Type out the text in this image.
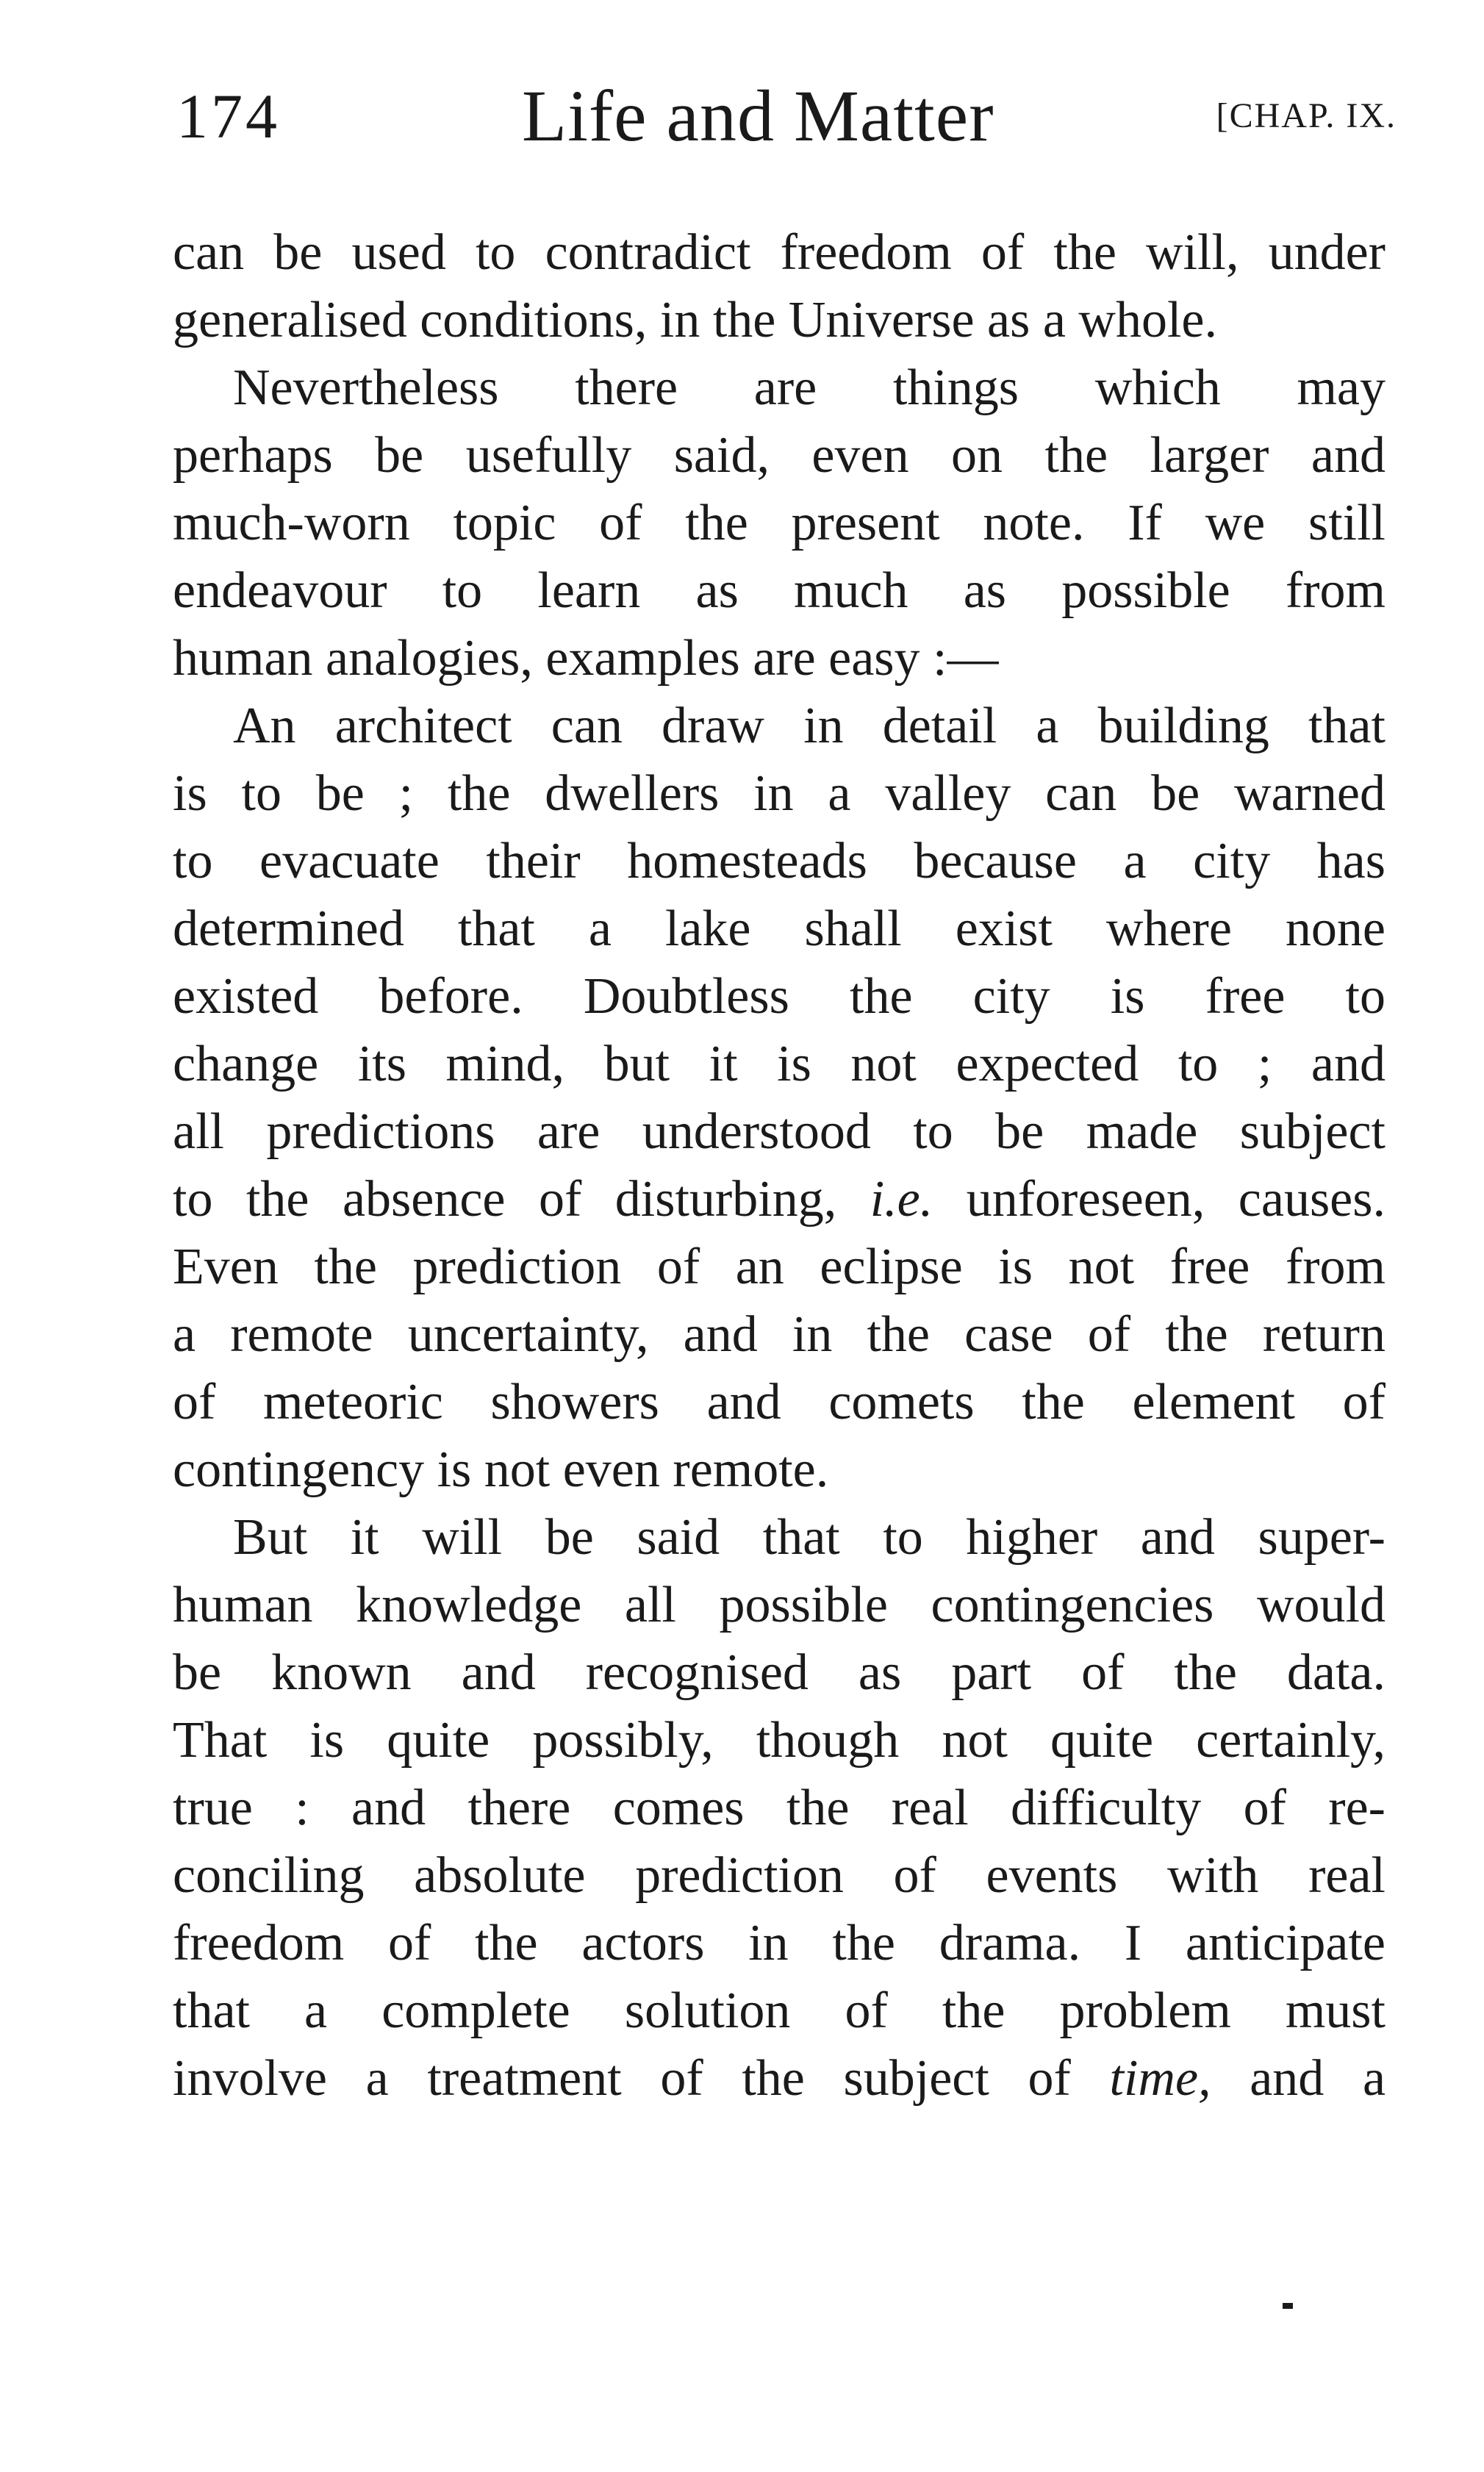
174	Life and Matter	[CHAP. IX.
can be used to contradict freedom of the will, under
generalised conditions, in the Universe as a whole.
Nevertheless there are things which may
perhaps be usefully said, even on the larger and
much-worn topic of the present note. If we still
endeavour to learn as much as possible from
human analogies, examples are easy :—
An architect can draw in detail a building that
is to be ; the dwellers in a valley can be warned
to evacuate their homesteads because a city has
determined that a lake shall exist where none
existed before. Doubtless the city is free to
change its mind, but it is not expected to ; and
all predictions are understood to be made subject
to the absence of disturbing, i.e. unforeseen, causes.
Even the prediction of an eclipse is not free from
a remote uncertainty, and in the case of the return
of meteoric showers and comets the element of
contingency is not even remote.
But it will be said that to higher and super-
human knowledge all possible contingencies would
be known and recognised as part of the data.
That is quite possibly, though not quite certainly,
true : and there comes the real difficulty of re-
conciling absolute prediction of events with real
freedom of the actors in the drama. I anticipate
that a complete solution of the problem must
involve a treatment of the subject of time, and a
